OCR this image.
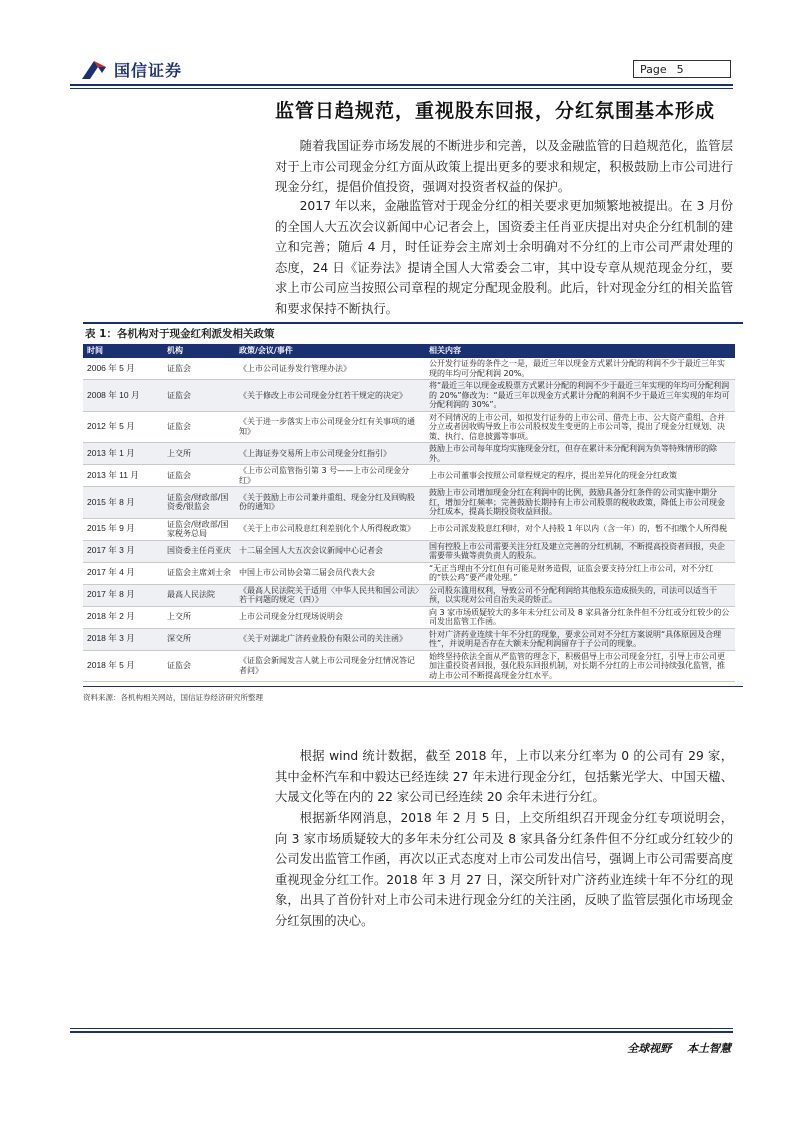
国信证券	Page 5
监管日趋规范，重视股东回报，分红氛围基本形成

随着我国证券市场发展的不断进步和完善，以及金融监管的日趋规范化，监管层对于上市公司现金分红方面从政策上提出更多的要求和规定，积极鼓励上市公司进行现金分红，提倡价值投资，强调对投资者权益的保护。

2017 年以来，金融监管对于现金分红的相关要求更加频繁地被提出。在 3 月份的全国人大五次会议新闻中心记者会上，国资委主任肖亚庆提出对央企分红机制的建立和完善；随后 4 月，时任证券会主席刘士余明确对不分红的上市公司严肃处理的态度，24 日《证券法》提请全国人大常委会二审，其中设专章从规范现金分红，要求上市公司应当按照公司章程的规定分配现金股利。此后，针对现金分红的相关监管和要求保持不断执行。

表 1：各机构对于现金红利派发相关政策
时间	机构	政策/会议/事件	相关内容
2006 年 5 月	证监会	《上市公司证券发行管理办法》	公开发行证券的条件之一是，最近三年以现金方式累计分配的利润不少于最近三年实现的年均可分配利润 20%。
2008 年 10 月	证监会	《关于修改上市公司现金分红若干规定的决定》	将“最近三年以现金或股票方式累计分配的利润不少于最近三年实现的年均可分配利润的 20%”修改为：“最近三年以现金方式累计分配的利润不少于最近三年实现的年均可分配利润的 30%”。
2012 年 5 月	证监会	《关于进一步落实上市公司现金分红有关事项的通知》	对不同情况的上市公司，如拟发行证券的上市公司、借壳上市、公大资产重组、合并分立或者因收购导致上市公司股权发生变更的上市公司等，提出了现金分红规划、决策、执行、信息披露等事项。
2013 年 1 月	上交所	《上海证券交易所上市公司现金分红指引》	鼓励上市公司每年度均实施现金分红，但存在累计未分配利润为负等特殊情形的除外。
2013 年 11 月	证监会	《上市公司监管指引第 3 号——上市公司现金分红》	上市公司董事会按照公司章程规定的程序，提出差异化的现金分红政策
2015 年 8 月	证监会/财政部/国资委/银监会	《关于鼓励上市公司兼并重组、现金分红及回购股份的通知》	鼓励上市公司增加现金分红在利润中的比例，鼓励具备分红条件的公司实施中期分红，增加分红频率；完善鼓励长期持有上市公司股票的税收政策，降低上市公司现金分红成本，提高长期投资收益回报。
2015 年 9 月	证监会/财政部/国家税务总局	《关于上市公司股息红利差别化个人所得税政策》	上市公司派发股息红利时，对个人持股 1 年以内（含一年）的，暂不扣缴个人所得税
2017 年 3 月	国资委主任肖亚庆	十二届全国人大五次会议新闻中心记者会	国有控股上市公司需要关注分红及建立完善的分红机制，不断提高投资者回报，央企需要带头做等责负责人的股东。
2017 年 4 月	证监会主席刘士余	中国上市公司协会第二届会员代表大会	“无正当理由不分红但有可能是财务造假，证监会要支持分红上市公司，对不分红的“铁公鸡”要严肃处理。”
2017 年 8 月	最高人民法院	《最高人民法院关于适用〈中华人民共和国公司法〉若干问题的规定（四）》	公司股东滥用权利，导致公司不分配利润给其他股东造成损失的，司法可以适当干预，以实现对公司自治失灵的矫正。
2018 年 2 月	上交所	上市公司现金分红现场说明会	向 3 家市场质疑较大的多年未分红公司及 8 家具备分红条件但不分红或分红较少的公司发出监管工作函。
2018 年 3 月	深交所	《关于对湖北广济药业股份有限公司的关注函》	针对广济药业连续十年不分红的现象，要求公司对不分红方案说明“具体原因及合理性”，并说明是否存在大额未分配利润留存于子公司的现象。
2018 年 5 月	证监会	《证监会新闻发言人就上市公司现金分红情况答记者问》	始终坚持依法全面从严监管的理念下，积极倡导上市公司现金分红，引导上市公司更加注重投资者回报，强化股东回报机制，对长期不分红的上市公司持续强化监管，推动上市公司不断提高现金分红水平。
资料来源：各机构相关网站，国信证券经济研究所整理

根据 wind 统计数据，截至 2018 年，上市以来分红率为 0 的公司有 29 家，其中金杯汽车和中毅达已经连续 27 年未进行现金分红，包括紫光学大、中国天楹、大晟文化等在内的 22 家公司已经连续 20 余年未进行分红。

根据新华网消息，2018 年 2 月 5 日，上交所组织召开现金分红专项说明会，向 3 家市场质疑较大的多年未分红公司及 8 家具备分红条件但不分红或分红较少的公司发出监管工作函，再次以正式态度对上市公司发出信号，强调上市公司需要高度重视现金分红工作。2018 年 3 月 27 日，深交所针对广济药业连续十年不分红的现象，出具了首份针对上市公司未进行现金分红的关注函，反映了监管层强化市场现金分红氛围的决心。

全球视野 本土智慧
